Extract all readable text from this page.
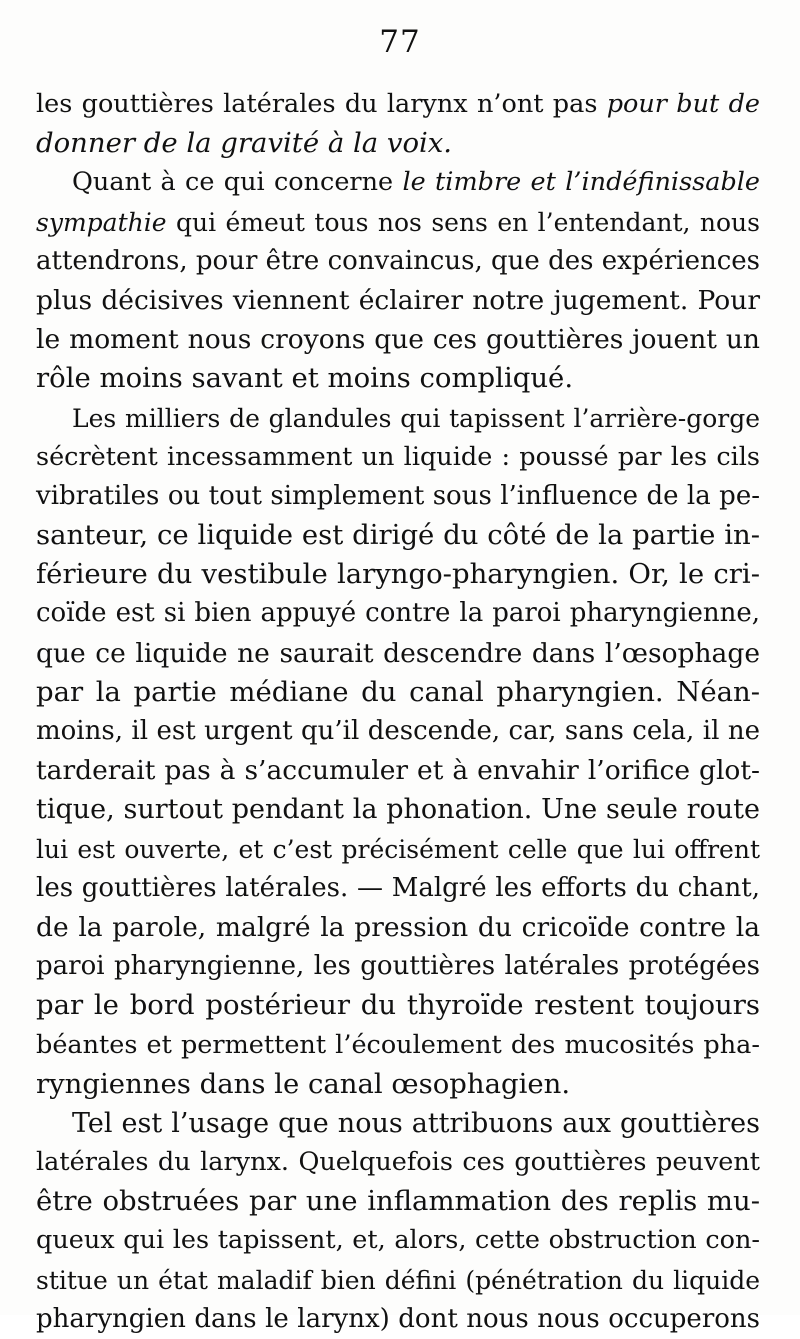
77
les gouttières latérales du larynx n’ont pas pour but de
donner de la gravité à la voix.
Quant à ce qui concerne le timbre et l’indéfinissable
sympathie qui émeut tous nos sens en l’entendant, nous
attendrons, pour être convaincus, que des expériences
plus décisives viennent éclairer notre jugement. Pour
le moment nous croyons que ces gouttières jouent un
rôle moins savant et moins compliqué.
Les milliers de glandules qui tapissent l’arrière-gorge
sécrètent incessamment un liquide : poussé par les cils
vibratiles ou tout simplement sous l’influence de la pe-
santeur, ce liquide est dirigé du côté de la partie in-
férieure du vestibule laryngo-pharyngien. Or, le cri-
coïde est si bien appuyé contre la paroi pharyngienne,
que ce liquide ne saurait descendre dans l’œsophage
par la partie médiane du canal pharyngien. Néan-
moins, il est urgent qu’il descende, car, sans cela, il ne
tarderait pas à s’accumuler et à envahir l’orifice glot-
tique, surtout pendant la phonation. Une seule route
lui est ouverte, et c’est précisément celle que lui offrent
les gouttières latérales. — Malgré les efforts du chant,
de la parole, malgré la pression du cricoïde contre la
paroi pharyngienne, les gouttières latérales protégées
par le bord postérieur du thyroïde restent toujours
béantes et permettent l’écoulement des mucosités pha-
ryngiennes dans le canal œsophagien.
Tel est l’usage que nous attribuons aux gouttières
latérales du larynx. Quelquefois ces gouttières peuvent
être obstruées par une inflammation des replis mu-
queux qui les tapissent, et, alors, cette obstruction con-
stitue un état maladif bien défini (pénétration du liquide
pharyngien dans le larynx) dont nous nous occuperons
